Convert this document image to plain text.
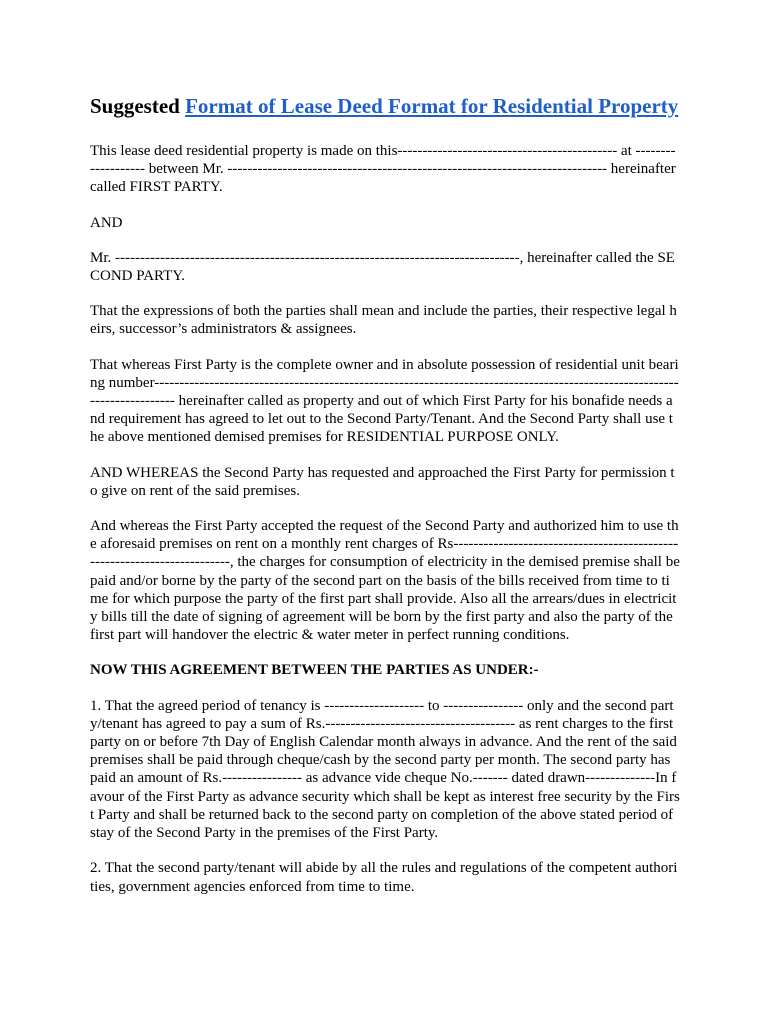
Suggested Format of Lease Deed Format for Residential Property

This lease deed residential property is made on this-------------------------------------------- at ------------------- between Mr. ---------------------------------------------------------------------------- hereinafter called FIRST PARTY.

AND

Mr. ---------------------------------------------------------------------------------, hereinafter called the SECOND PARTY.

That the expressions of both the parties shall mean and include the parties, their respective legal heirs, successor’s administrators & assignees.

That whereas First Party is the complete owner and in absolute possession of residential unit bearing number-------------------------------------------------------------------------------------------------------------------------- hereinafter called as property and out of which First Party for his bonafide needs and requirement has agreed to let out to the Second Party/Tenant. And the Second Party shall use the above mentioned demised premises for RESIDENTIAL PURPOSE ONLY.

AND WHEREAS the Second Party has requested and approached the First Party for permission to give on rent of the said premises.

And whereas the First Party accepted the request of the Second Party and authorized him to use the aforesaid premises on rent on a monthly rent charges of Rs-------------------------------------------------------------------------, the charges for consumption of electricity in the demised premise shall be paid and/or borne by the party of the second part on the basis of the bills received from time to time for which purpose the party of the first part shall provide. Also all the arrears/dues in electricity bills till the date of signing of agreement will be born by the first party and also the party of the first part will handover the electric & water meter in perfect running conditions.

NOW THIS AGREEMENT BETWEEN THE PARTIES AS UNDER:-

1. That the agreed period of tenancy is -------------------- to ---------------- only and the second party/tenant has agreed to pay a sum of Rs.-------------------------------------- as rent charges to the first party on or before 7th Day of English Calendar month always in advance. And the rent of the said premises shall be paid through cheque/cash by the second party per month. The second party has paid an amount of Rs.---------------- as advance vide cheque No.------- dated drawn--------------In favour of the First Party as advance security which shall be kept as interest free security by the First Party and shall be returned back to the second party on completion of the above stated period of stay of the Second Party in the premises of the First Party.

2. That the second party/tenant will abide by all the rules and regulations of the competent authorities, government agencies enforced from time to time.
